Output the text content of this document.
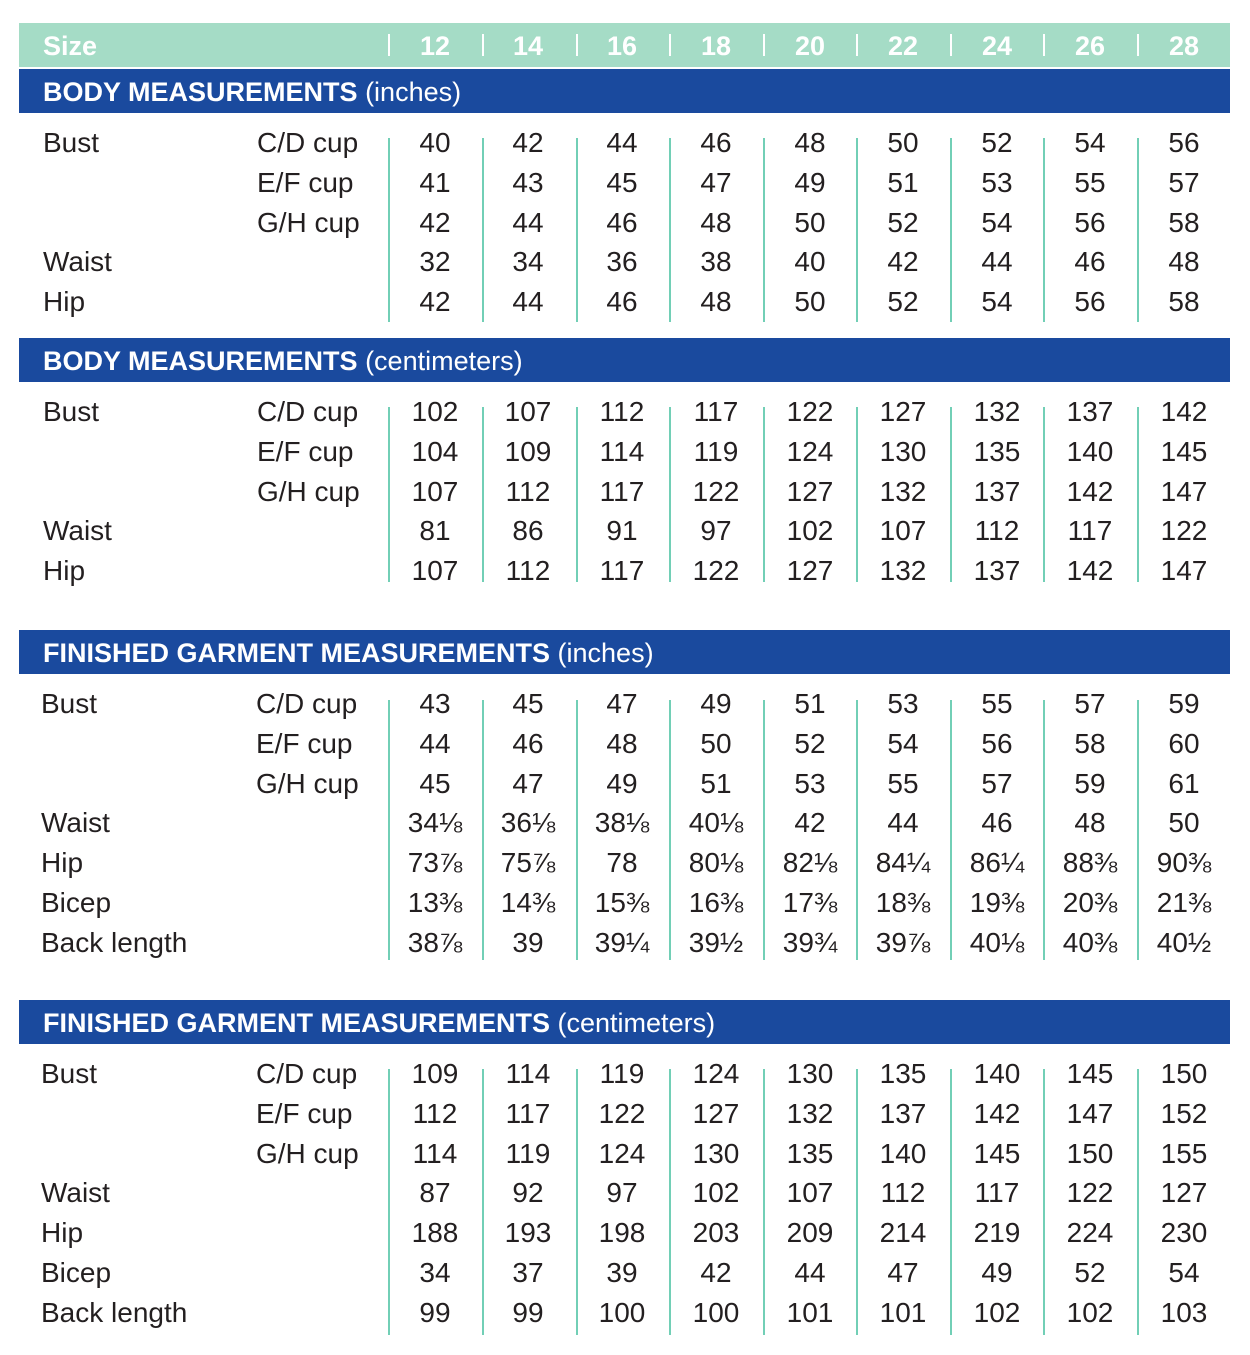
Size	12	14	16	18	20	22	24	26	28
BODY MEASUREMENTS (inches)
Bust	C/D cup	40	42	44	46	48	50	52	54	56
E/F cup	41	43	45	47	49	51	53	55	57
G/H cup	42	44	46	48	50	52	54	56	58
Waist	32	34	36	38	40	42	44	46	48
Hip	42	44	46	48	50	52	54	56	58
BODY MEASUREMENTS (centimeters)
Bust	C/D cup	102	107	112	117	122	127	132	137	142
E/F cup	104	109	114	119	124	130	135	140	145
G/H cup	107	112	117	122	127	132	137	142	147
Waist	81	86	91	97	102	107	112	117	122
Hip	107	112	117	122	127	132	137	142	147
FINISHED GARMENT MEASUREMENTS (inches)
Bust	C/D cup	43	45	47	49	51	53	55	57	59
E/F cup	44	46	48	50	52	54	56	58	60
G/H cup	45	47	49	51	53	55	57	59	61
Waist	34⅛	36⅛	38⅛	40⅛	42	44	46	48	50
Hip	73⅞	75⅞	78	80⅛	82⅛	84¼	86¼	88⅜	90⅜
Bicep	13⅜	14⅜	15⅜	16⅜	17⅜	18⅜	19⅜	20⅜	21⅜
Back length	38⅞	39	39¼	39½	39¾	39⅞	40⅛	40⅜	40½
FINISHED GARMENT MEASUREMENTS (centimeters)
Bust	C/D cup	109	114	119	124	130	135	140	145	150
E/F cup	112	117	122	127	132	137	142	147	152
G/H cup	114	119	124	130	135	140	145	150	155
Waist	87	92	97	102	107	112	117	122	127
Hip	188	193	198	203	209	214	219	224	230
Bicep	34	37	39	42	44	47	49	52	54
Back length	99	99	100	100	101	101	102	102	103
